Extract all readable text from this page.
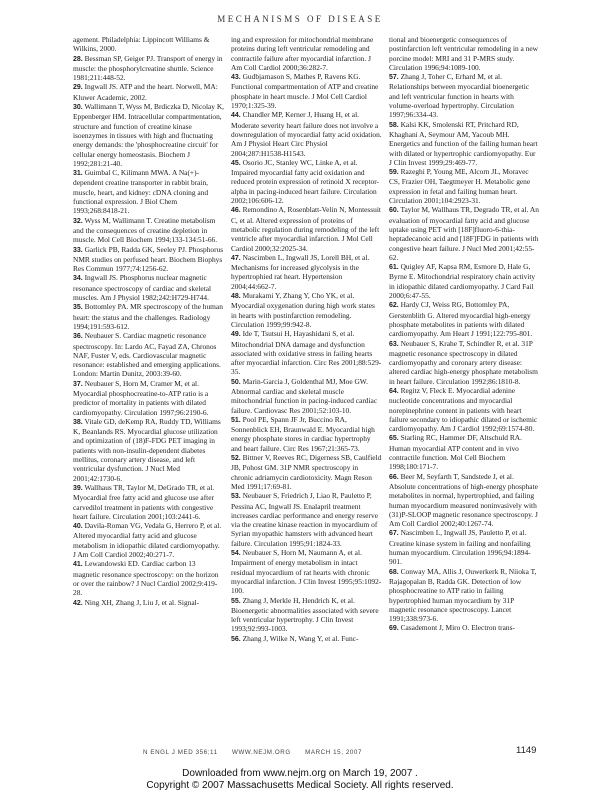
MECHANISMS OF DISEASE

agement. Philadelphia: Lippincott Williams & Wilkins, 2000.

28. Bessman SP, Geiger PJ. Transport of energy in muscle: the phosphorylcreatine shuttle. Science 1981;211:448-52.

29. Ingwall JS. ATP and the heart. Norwell, MA: Kluwer Academic, 2002.

30. Wallimann T, Wyss M, Brdiczka D, Nicolay K, Eppenberger HM. Intracellular compartmentation, structure and function of creatine kinase isoenzymes in tissues with high and fluctuating energy demands: the 'phosphocreatine circuit' for cellular energy homeostasis. Biochem J 1992;281:21-40.

31. Guimbal C, Kilimann MWA. A Na(+)-dependent creatine transporter in rabbit brain, muscle, heart, and kidney: cDNA cloning and functional expression. J Biol Chem 1993;268:8418-21.

32. Wyss M, Wallimann T. Creatine metabolism and the consequences of creatine depletion in muscle. Mol Cell Biochem 1994;133-134:51-66.

33. Garlick PB, Radda GK, Seeley PJ. Phosphorus NMR studies on perfused heart. Biochem Biophys Res Commun 1977;74:1256-62.

34. Ingwall JS. Phosphorus nuclear magnetic resonance spectroscopy of cardiac and skeletal muscles. Am J Physiol 1982;242:H729-H744.

35. Bottomley PA. MR spectroscopy of the human heart: the status and the challenges. Radiology 1994;191:593-612.

36. Neubauer S. Cardiac magnetic resonance spectroscopy. In: Lardo AC, Fayad ZA, Chronos NAF, Fuster V, eds. Cardiovascular magnetic resonance: established and emerging applications. London: Martin Dunitz, 2003:39-60.

37. Neubauer S, Horn M, Cramer M, et al. Myocardial phosphocreatine-to-ATP ratio is a predictor of mortality in patients with dilated cardiomyopathy. Circulation 1997;96:2190-6.

38. Vitale GD, deKemp RA, Ruddy TD, Williams K, Beanlands RS. Myocardial glucose utilization and optimization of (18)F-FDG PET imaging in patients with non-insulin-dependent diabetes mellitus, coronary artery disease, and left ventricular dysfunction. J Nucl Med 2001;42:1730-6.

39. Wallhaus TR, Taylor M, DeGrado TR, et al. Myocardial free fatty acid and glucose use after carvedilol treatment in patients with congestive heart failure. Circulation 2001;103:2441-6.

40. Davila-Roman VG, Vedala G, Herrero P, et al. Altered myocardial fatty acid and glucose metabolism in idiopathic dilated cardiomyopathy. J Am Coll Cardiol 2002;40:271-7.

41. Lewandowski ED. Cardiac carbon 13 magnetic resonance spectroscopy: on the horizon or over the rainbow? J Nucl Cardiol 2002;9:419-28.

42. Ning XH, Zhang J, Liu J, et al. Signal-

ing and expression for mitochondrial membrane proteins during left ventricular remodeling and contractile failure after myocardial infarction. J Am Coll Cardiol 2000;36:282-7.

43. Gudbjarnason S, Mathes P, Ravens KG. Functional compartmentation of ATP and creatine phosphate in heart muscle. J Mol Cell Cardiol 1970;1:325-39.

44. Chandler MP, Kerner J, Huang H, et al. Moderate severity heart failure does not involve a downregulation of myocardial fatty acid oxidation. Am J Physiol Heart Circ Physiol 2004;287:H1538-H1543.

45. Osorio JC, Stanley WC, Linke A, et al. Impaired myocardial fatty acid oxidation and reduced protein expression of retinoid X receptor-alpha in pacing-induced heart failure. Circulation 2002;106:606-12.

46. Remondino A, Rosenblatt-Velin N, Montessuit C, et al. Altered expression of proteins of metabolic regulation during remodeling of the left ventricle after myocardial infarction. J Mol Cell Cardiol 2000;32:2025-34.

47. Nascimben L, Ingwall JS, Lorell BH, et al. Mechanisms for increased glycolysis in the hypertrophied rat heart. Hypertension 2004;44:662-7.

48. Murakami Y, Zhang Y, Cho YK, et al. Myocardial oxygenation during high work states in hearts with postinfarction remodeling. Circulation 1999;99:942-8.

49. Ide T, Tsutsui H, Hayashidani S, et al. Mitochondrial DNA damage and dysfunction associated with oxidative stress in failing hearts after myocardial infarction. Circ Res 2001;88:529-35.

50. Marin-Garcia J, Goldenthal MJ, Moe GW. Abnormal cardiac and skeletal muscle mitochondrial function in pacing-induced cardiac failure. Cardiovasc Res 2001;52:103-10.

51. Pool PE, Spann JF Jr, Buccino RA, Sonnenblick EH, Braunwald E. Myocardial high energy phosphate stores in cardiac hypertrophy and heart failure. Circ Res 1967;21:365-73.

52. Bittner V, Reeves RC, Digerness SB, Caulfield JB, Pohost GM. 31P NMR spectroscopy in chronic adriamycin cardiotoxicity. Magn Reson Med 1991;17:69-81.

53. Neubauer S, Friedrich J, Liao R, Pauletto P, Pessina AC, Ingwall JS. Enalapril treatment increases cardiac performance and energy reserve via the creatine kinase reaction in myocardium of Syrian myopathic hamsters with advanced heart failure. Circulation 1995;91:1824-33.

54. Neubauer S, Horn M, Naumann A, et al. Impairment of energy metabolism in intact residual myocardium of rat hearts with chronic myocardial infarction. J Clin Invest 1995;95:1092-100.

55. Zhang J, Merkle H, Hendrich K, et al. Bioenergetic abnormalities associated with severe left ventricular hypertrophy. J Clin Invest 1993;92:993-1003.

56. Zhang J, Wilke N, Wang Y, et al. Func-

tional and bioenergetic consequences of postinfarction left ventricular remodeling in a new porcine model: MRI and 31 P-MRS study. Circulation 1996;94:1089-100.

57. Zhang J, Toher C, Erhard M, et al. Relationships between myocardial bioenergetic and left ventricular function in hearts with volume-overload hypertrophy. Circulation 1997;96:334-43.

58. Kalsi KK, Smolenski RT, Pritchard RD, Khaghani A, Seymour AM, Yacoub MH. Energetics and function of the failing human heart with dilated or hypertrophic cardiomyopathy. Eur J Clin Invest 1999;29:469-77.

59. Razeghi P, Young ME, Alcorn JL, Moravec CS, Frazier OH, Taegtmeyer H. Metabolic gene expression in fetal and failing human heart. Circulation 2001;104:2923-31.

60. Taylor M, Wallhaus TR, Degrado TR, et al. An evaluation of myocardial fatty acid and glucose uptake using PET with [18F]fluoro-6-thia-heptadecanoic acid and [18F]FDG in patients with congestive heart failure. J Nucl Med 2001;42:55-62.

61. Quigley AF, Kapsa RM, Esmore D, Hale G, Byrne E. Mitochondrial respiratory chain activity in idiopathic dilated cardiomyopathy. J Card Fail 2000;6:47-55.

62. Hardy CJ, Weiss RG, Bottomley PA, Gerstenblith G. Altered myocardial high-energy phosphate metabolites in patients with dilated cardiomyopathy. Am Heart J 1991;122:795-801.

63. Neubauer S, Krahe T, Schindler R, et al. 31P magnetic resonance spectroscopy in dilated cardiomyopathy and coronary artery disease: altered cardiac high-energy phosphate metabolism in heart failure. Circulation 1992;86:1810-8.

64. Regitz V, Fleck E. Myocardial adenine nucleotide concentrations and myocardial norepinephrine content in patients with heart failure secondary to idiopathic dilated or ischemic cardiomyopathy. Am J Cardiol 1992;69:1574-80.

65. Starling RC, Hammer DF, Altschuld RA. Human myocardial ATP content and in vivo contractile function. Mol Cell Biochem 1998;180:171-7.

66. Beer M, Seyfarth T, Sandstede J, et al. Absolute concentrations of high-energy phosphate metabolites in normal, hypertrophied, and failing human myocardium measured noninvasively with (31)P-SLOOP magnetic resonance spectroscopy. J Am Coll Cardiol 2002;40:1267-74.

67. Nascimben L, Ingwall JS, Pauletto P, et al. Creatine kinase system in failing and nonfailing human myocardium. Circulation 1996;94:1894-901.

68. Conway MA, Allis J, Ouwerkerk R, Niioka T, Rajagopalan B, Radda GK. Detection of low phosphocreatine to ATP ratio in failing hypertrophied human myocardium by 31P magnetic resonance spectroscopy. Lancet 1991;338:973-6.

69. Casademont J, Miro O. Electron trans-

N ENGL J MED 356;11 WWW.NEJM.ORG MARCH 15, 2007	1149
Downloaded from www.nejm.org on March 19, 2007 .
Copyright © 2007 Massachusetts Medical Society. All rights reserved.
